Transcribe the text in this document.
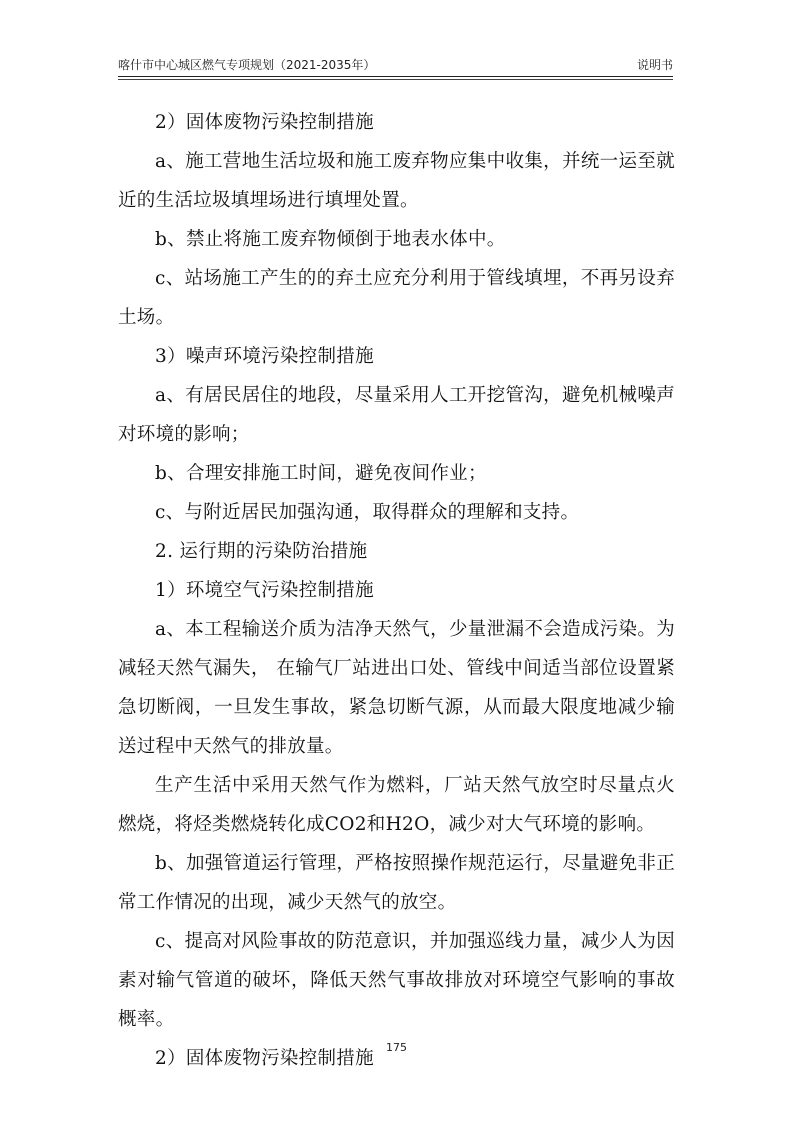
喀什市中心城区燃气专项规划（2021-2035年）	说明书

2）固体废物污染控制措施

a、施工营地生活垃圾和施工废弃物应集中收集，并统一运至就近的生活垃圾填埋场进行填埋处置。

b、禁止将施工废弃物倾倒于地表水体中。

c、站场施工产生的的弃土应充分利用于管线填埋，不再另设弃土场。

3）噪声环境污染控制措施

a、有居民居住的地段，尽量采用人工开挖管沟，避免机械噪声对环境的影响；

b、合理安排施工时间，避免夜间作业；

c、与附近居民加强沟通，取得群众的理解和支持。

2. 运行期的污染防治措施

1）环境空气污染控制措施

a、本工程输送介质为洁净天然气，少量泄漏不会造成污染。为减轻天然气漏失， 在输气厂站进出口处、管线中间适当部位设置紧急切断阀，一旦发生事故，紧急切断气源，从而最大限度地减少输送过程中天然气的排放量。

生产生活中采用天然气作为燃料，厂站天然气放空时尽量点火燃烧，将烃类燃烧转化成CO2和H2O，减少对大气环境的影响。

b、加强管道运行管理，严格按照操作规范运行，尽量避免非正常工作情况的出现，减少天然气的放空。

c、提高对风险事故的防范意识，并加强巡线力量，减少人为因素对输气管道的破坏，降低天然气事故排放对环境空气影响的事故概率。

2）固体废物污染控制措施

175
